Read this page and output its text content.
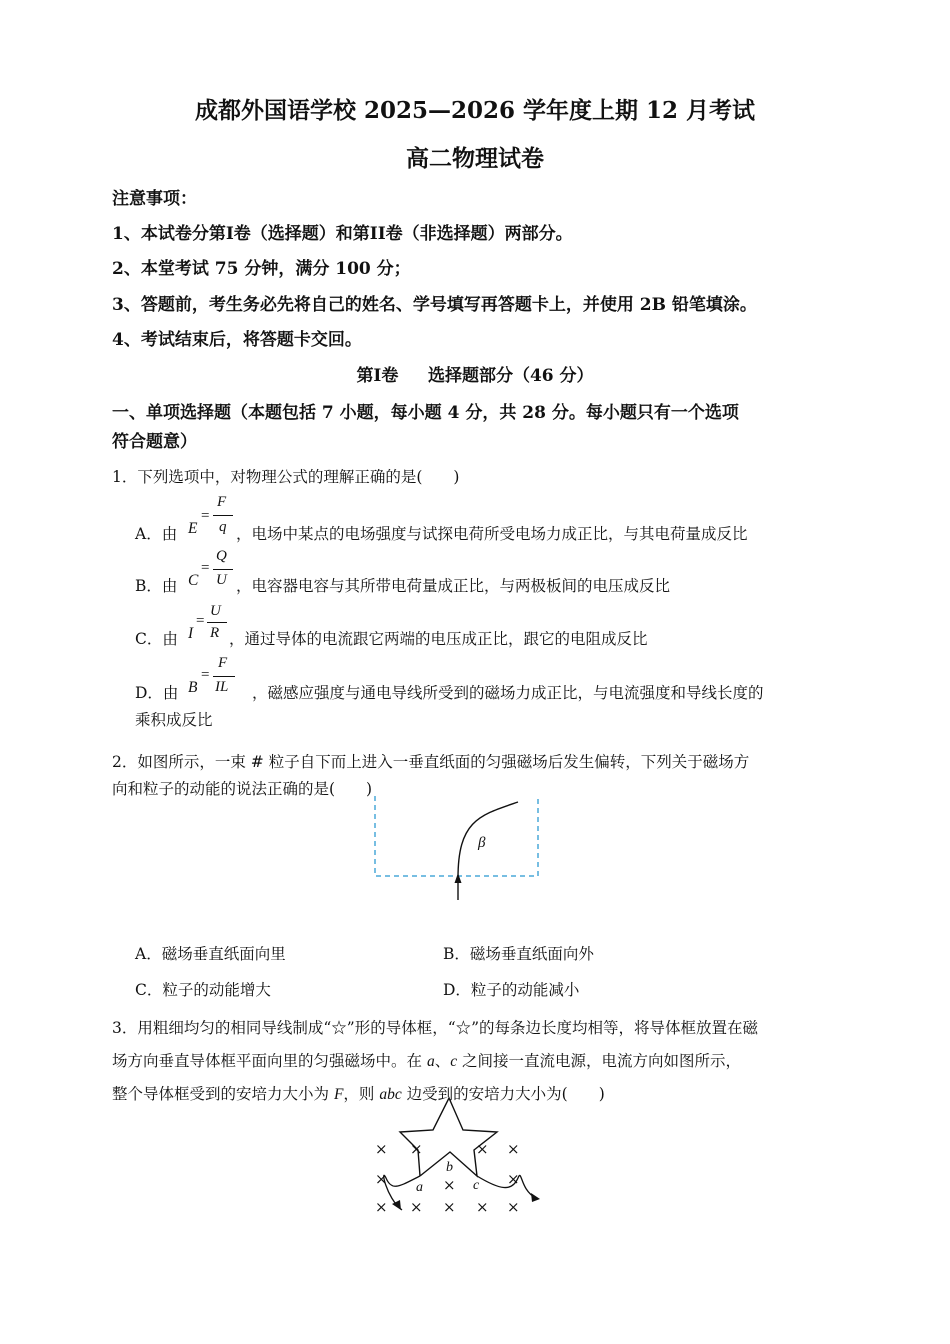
成都外国语学校 2025—2026 学年度上期 12 月考试
高二物理试卷
注意事项：
1、本试卷分第I卷（选择题）和第II卷（非选择题）两部分。
2、本堂考试 75 分钟，满分 100 分；
3、答题前，考生务必先将自己的姓名、学号填写再答题卡上，并使用 2B 铅笔填涂。
4、考试结束后，将答题卡交回。
第I卷     选择题部分（46 分）
一、单项选择题（本题包括 7 小题，每小题 4 分，共 28 分。每小题只有一个选项
符合题意）
1．下列选项中，对物理公式的理解正确的是(　　)
A．由 E
=
F
q ，电场中某点的电场强度与试探电荷所受电场力成正比，与其电荷量成反比
B．由 C
=
Q
U ，电容器电容与其所带电荷量成正比，与两极板间的电压成反比
C．由 I
=
U
R ，通过导体的电流跟它两端的电压成正比，跟它的电阻成反比
D．由 B
=
F
IL ，磁感应强度与通电导线所受到的磁场力成正比，与电流强度和导线长度的
乘积成反比
2．如图所示，一束 # 粒子自下而上进入一垂直纸面的匀强磁场后发生偏转，下列关于磁场方
向和粒子的动能的说法正确的是(　　)
β
A．磁场垂直纸面向里	B．磁场垂直纸面向外
C．粒子的动能增大	D．粒子的动能减小
3．用粗细均匀的相同导线制成“☆”形的导体框，“☆”的每条边长度均相等，将导体框放置在磁
场方向垂直导体框平面向里的匀强磁场中。在 a、c 之间接一直流电源，电流方向如图所示，
整个导体框受到的安培力大小为 F，则 abc 边受到的安培力大小为(　　)
b
a	c
× ×	× ×
×	×	×
× × × × ×
